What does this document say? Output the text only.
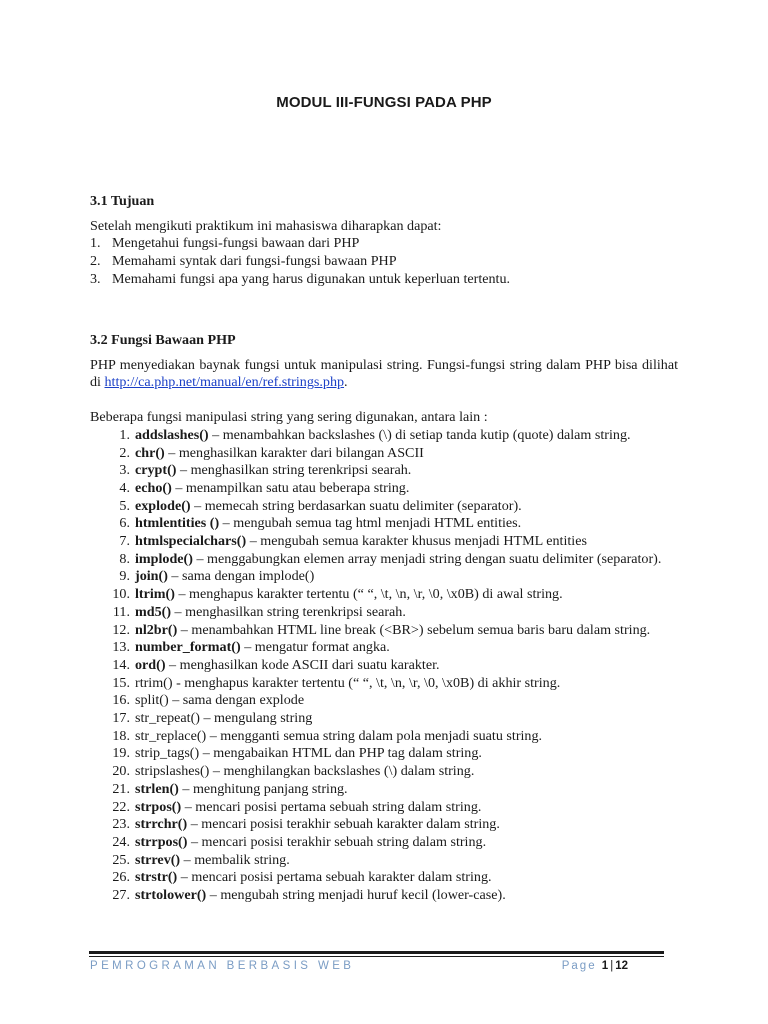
MODUL III-FUNGSI PADA PHP
3.1 Tujuan
Setelah mengikuti praktikum ini mahasiswa diharapkan dapat:
1. Mengetahui fungsi-fungsi bawaan dari PHP
2. Memahami syntak dari fungsi-fungsi bawaan PHP
3. Memahami fungsi apa yang harus digunakan untuk keperluan tertentu.
3.2 Fungsi Bawaan PHP
PHP menyediakan baynak fungsi untuk manipulasi string. Fungsi-fungsi string dalam PHP bisa dilihat di http://ca.php.net/manual/en/ref.strings.php.
Beberapa fungsi manipulasi string yang sering digunakan, antara lain :
1. addslashes() – menambahkan backslashes (\) di setiap tanda kutip (quote) dalam string.
2. chr() – menghasilkan karakter dari bilangan ASCII
3. crypt() – menghasilkan string terenkripsi searah.
4. echo() – menampilkan satu atau beberapa string.
5. explode() – memecah string berdasarkan suatu delimiter (separator).
6. htmlentities () – mengubah semua tag html menjadi HTML entities.
7. htmlspecialchars() – mengubah semua karakter khusus menjadi HTML entities
8. implode() – menggabungkan elemen array menjadi string dengan suatu delimiter (separator).
9. join() – sama dengan implode()
10. ltrim() – menghapus karakter tertentu (“ “, \t, \n, \r, \0, \x0B) di awal string.
11. md5() – menghasilkan string terenkripsi searah.
12. nl2br() – menambahkan HTML line break (<BR>) sebelum semua baris baru dalam string.
13. number_format() – mengatur format angka.
14. ord() – menghasilkan kode ASCII dari suatu karakter.
15. rtrim() - menghapus karakter tertentu (“ “, \t, \n, \r, \0, \x0B) di akhir string.
16. split() – sama dengan explode
17. str_repeat() – mengulang string
18. str_replace() – mengganti semua string dalam pola menjadi suatu string.
19. strip_tags() – mengabaikan HTML dan PHP tag dalam string.
20. stripslashes() – menghilangkan backslashes (\) dalam string.
21. strlen() – menghitung panjang string.
22. strpos() – mencari posisi pertama sebuah string dalam string.
23. strrchr() – mencari posisi terakhir sebuah karakter dalam string.
24. strrpos() – mencari posisi terakhir sebuah string dalam string.
25. strrev() – membalik string.
26. strstr() – mencari posisi pertama sebuah karakter dalam string.
27. strtolower() – mengubah string menjadi huruf kecil (lower-case).
PEMROGRAMAN BERBASIS WEB	Page 1 | 12
